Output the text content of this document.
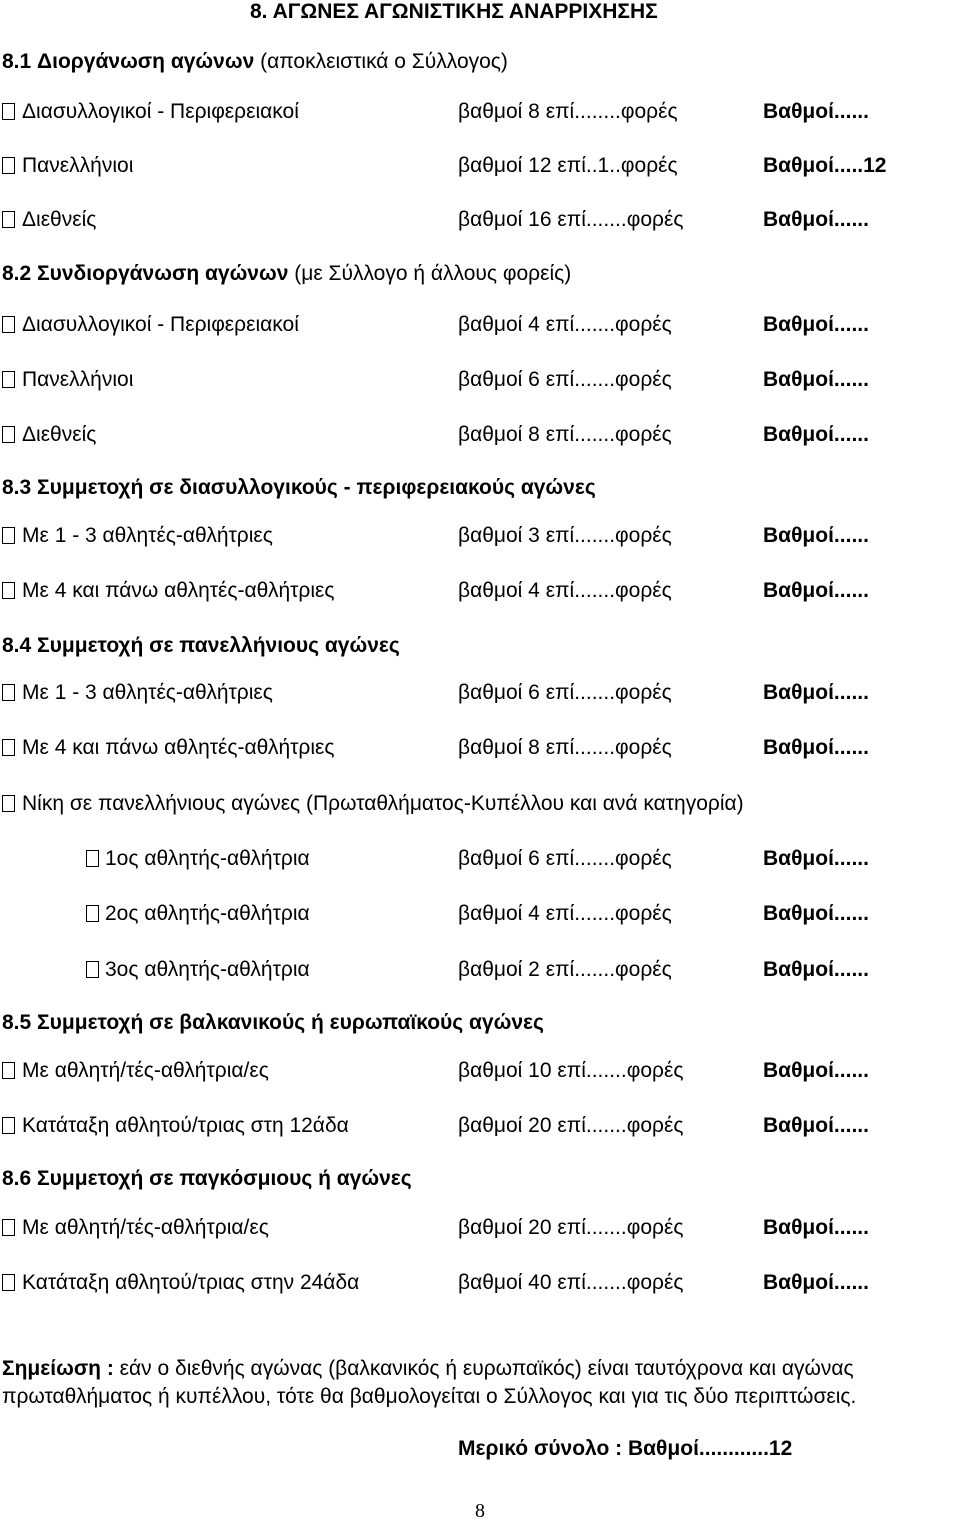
8. ΑΓΩΝΕΣ ΑΓΩΝΙΣΤΙΚΗΣ ΑΝΑΡΡΙΧΗΣΗΣ
8.1 Διοργάνωση αγώνων (αποκλειστικά ο Σύλλογος)
Διασυλλογικοί - Περιφερειακοί	βαθμοί 8 επί........φορές	Βαθμοί......
Πανελλήνιοι	βαθμοί 12 επί..1..φορές	Βαθμοί.....12
Διεθνείς	βαθμοί 16 επί.......φορές	Βαθμοί......
8.2 Συνδιοργάνωση αγώνων (με Σύλλογο ή άλλους φορείς)
Διασυλλογικοί - Περιφερειακοί	βαθμοί 4 επί.......φορές	Βαθμοί......
Πανελλήνιοι	βαθμοί 6 επί.......φορές	Βαθμοί......
Διεθνείς	βαθμοί 8 επί.......φορές	Βαθμοί......
8.3 Συμμετοχή σε διασυλλογικούς - περιφερειακούς αγώνες
Με 1 - 3 αθλητές-αθλήτριες	βαθμοί 3 επί.......φορές	Βαθμοί......
Με 4 και πάνω αθλητές-αθλήτριες	βαθμοί 4 επί.......φορές	Βαθμοί......
8.4 Συμμετοχή σε πανελλήνιους αγώνες
Με 1 - 3 αθλητές-αθλήτριες	βαθμοί 6 επί.......φορές	Βαθμοί......
Με 4 και πάνω αθλητές-αθλήτριες	βαθμοί 8 επί.......φορές	Βαθμοί......
Νίκη σε πανελλήνιους αγώνες (Πρωταθλήματος-Κυπέλλου και ανά κατηγορία)
1ος αθλητής-αθλήτρια	βαθμοί 6 επί.......φορές	Βαθμοί......
2ος αθλητής-αθλήτρια	βαθμοί 4 επί.......φορές	Βαθμοί......
3ος αθλητής-αθλήτρια	βαθμοί 2 επί.......φορές	Βαθμοί......
8.5 Συμμετοχή σε βαλκανικούς ή ευρωπαϊκούς αγώνες
Με αθλητή/τές-αθλήτρια/ες	βαθμοί 10 επί.......φορές	Βαθμοί......
Κατάταξη αθλητού/τριας στη 12άδα	βαθμοί 20 επί.......φορές	Βαθμοί......
8.6 Συμμετοχή σε παγκόσμιους ή αγώνες
Με αθλητή/τές-αθλήτρια/ες	βαθμοί 20 επί.......φορές	Βαθμοί......
Κατάταξη αθλητού/τριας στην 24άδα	βαθμοί 40 επί.......φορές	Βαθμοί......
Σημείωση : εάν ο διεθνής αγώνας (βαλκανικός ή ευρωπαϊκός) είναι ταυτόχρονα και αγώνας πρωταθλήματος ή κυπέλλου, τότε θα βαθμολογείται ο Σύλλογος και για τις δύο περιπτώσεις.
Μερικό σύνολο : Βαθμοί............12
8
